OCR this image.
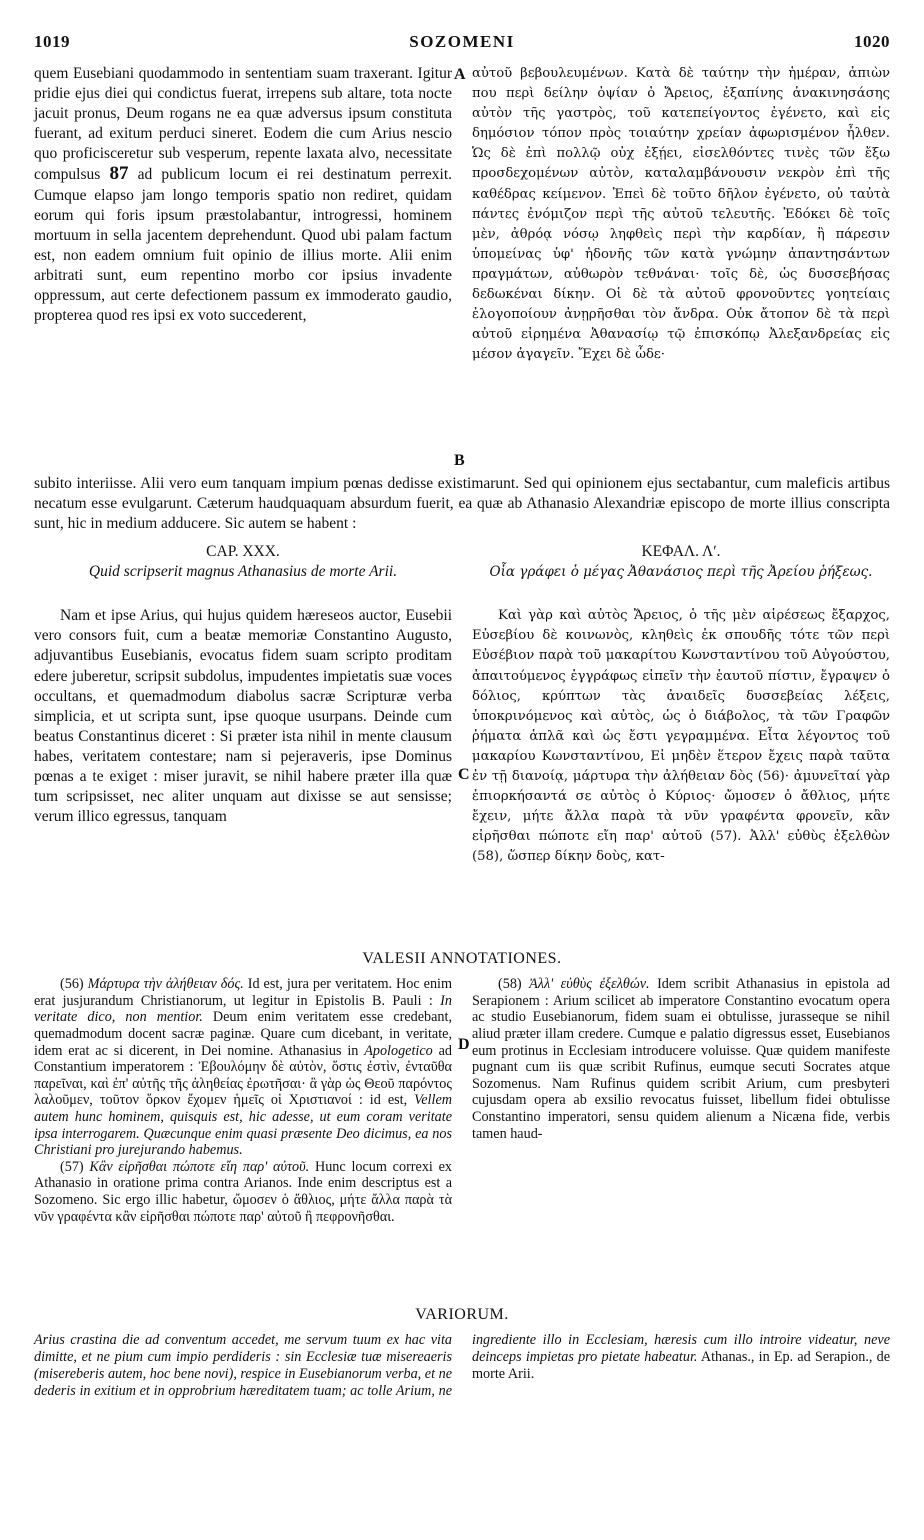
1019	SOZOMENI	1020
quem Eusebiani quodammodo in sententiam suam traxerant. Igitur pridie ejus diei qui condictus fuerat, irrepens sub altare, tota nocte jacuit pronus, Deum rogans ne ea quæ adversus ipsum constituta fuerant, ad exitum perduci sineret. Eodem die cum Arius nescio quo proficisceretur sub vesperum, repente laxata alvo, necessitate compulsus 87 ad publicum locum ei rei destinatum perrexit. Cumque elapso jam longo temporis spatio non rediret, quidam eorum qui foris ipsum præstolabantur, introgressi, hominem mortuum in sella jacentem deprehendunt. Quod ubi palam factum est, non eadem omnium fuit opinio de illius morte. Alii enim arbitrati sunt, eum repentino morbo cor ipsius invadente oppressum, aut certe defectionem passum ex immoderato gaudio, propterea quod res ipsi ex voto succederent,
A
B
αὐτοῦ βεβουλευμένων. Κατὰ δὲ ταύτην τὴν ἡμέραν, ἀπιὼν που περὶ δείλην ὀψίαν ὁ Ἄρειος, ἐξαπίνης ἀνακινησάσης αὐτὸν τῆς γαστρὸς, τοῦ κατεπείγοντος ἐγένετο, καὶ εἰς δημόσιον τόπον πρὸς τοιαύτην χρείαν ἀφωρισμένον ἦλθεν. Ὡς δὲ ἐπὶ πολλῷ οὐχ ἐξῄει, εἰσελθόντες τινὲς τῶν ἔξω προσδεχομένων αὐτὸν, καταλαμβάνουσιν νεκρὸν ἐπὶ τῆς καθέδρας κείμενον. Ἐπεὶ δὲ τοῦτο δῆλον ἐγένετο, οὐ ταὐτὰ πάντες ἐνόμιζον περὶ τῆς αὐτοῦ τελευτῆς. Ἐδόκει δὲ τοῖς μὲν, ἀθρόᾳ νόσῳ ληφθεὶς περὶ τὴν καρδίαν, ἢ πάρεσιν ὑπομείνας ὑφ' ἡδονῆς τῶν κατὰ γνώμην ἀπαντησάντων πραγμάτων, αὐθωρὸν τεθνάναι· τοῖς δὲ, ὡς δυσσεβήσας δεδωκέναι δίκην. Οἱ δὲ τὰ αὐτοῦ φρονοῦντες γοητείαις ἐλογοποίουν ἀνῃρῆσθαι τὸν ἄνδρα. Οὐκ ἄτοπον δὲ τὰ περὶ αὐτοῦ εἰρημένα Ἀθανασίῳ τῷ ἐπισκόπῳ Ἀλεξανδρείας εἰς μέσον ἀγαγεῖν. Ἔχει δὲ ὧδε·
subito interiisse. Alii vero eum tanquam impium pœnas dedisse existimarunt. Sed qui opinionem ejus sectabantur, cum maleficis artibus necatum esse evulgarunt. Cæterum haudquaquam absurdum fuerit, ea quæ ab Athanasio Alexandriæ episcopo de morte illius conscripta sunt, hic in medium adducere. Sic autem se habent :
CAP. XXX.
Quid scripserit magnus Athanasius de morte Arii.
ΚΕΦΑΛ. Λʹ.
Οἷα γράφει ὁ μέγας Ἀθανάσιος περὶ τῆς Ἀρείου ῥήξεως.
Nam et ipse Arius, qui hujus quidem hæreseos auctor, Eusebii vero consors fuit, cum a beatæ memoriæ Constantino Augusto, adjuvantibus Eusebianis, evocatus fidem suam scripto proditam edere juberetur, scripsit subdolus, impudentes impietatis suæ voces occultans, et quemadmodum diabolus sacræ Scripturæ verba simplicia, et ut scripta sunt, ipse quoque usurpans. Deinde cum beatus Constantinus diceret : Si præter ista nihil in mente clausum habes, veritatem contestare; nam si pejeraveris, ipse Dominus pœnas a te exiget : miser juravit, se nihil habere præter illa quæ tum scripsisset, nec aliter unquam aut dixisse se aut sensisse; verum illico egressus, tanquam
C
Καὶ γὰρ καὶ αὐτὸς Ἄρειος, ὁ τῆς μὲν αἱρέσεως ἔξαρχος, Εὐσεβίου δὲ κοινωνὸς, κληθεὶς ἐκ σπουδῆς τότε τῶν περὶ Εὐσέβιον παρὰ τοῦ μακαρίτου Κωνσταντίνου τοῦ Αὐγούστου, ἀπαιτούμενος ἐγγράφως εἰπεῖν τὴν ἑαυτοῦ πίστιν, ἔγραψεν ὁ δόλιος, κρύπτων τὰς ἀναιδεῖς δυσσεβείας λέξεις, ὑποκρινόμενος καὶ αὐτὸς, ὡς ὁ διάβολος, τὰ τῶν Γραφῶν ῥήματα ἁπλᾶ καὶ ὡς ἔστι γεγραμμένα. Εἶτα λέγοντος τοῦ μακαρίου Κωνσταντίνου, Εἰ μηδὲν ἕτερον ἔχεις παρὰ ταῦτα ἐν τῇ διανοίᾳ, μάρτυρα τὴν ἀλήθειαν δὸς (56)· ἀμυνεῖταί γὰρ ἐπιορκήσαντά σε αὐτὸς ὁ Κύριος· ὤμοσεν ὁ ἄθλιος, μήτε ἔχειν, μήτε ἄλλα παρὰ τὰ νῦν γραφέντα φρονεῖν, κἂν εἰρῆσθαι πώποτε εἴη παρ' αὐτοῦ (57). Ἀλλ' εὐθὺς ἐξελθὼν (58), ὥσπερ δίκην δοὺς, κατ-
VALESII ANNOTATIONES.
(56) Μάρτυρα τὴν ἀλήθειαν δός. Id est, jura per veritatem. Hoc enim erat jusjurandum Christianorum, ut legitur in Epistolis B. Pauli : In veritate dico, non mentior. Deum enim veritatem esse credebant, quemadmodum docent sacræ paginæ. Quare cum dicebant, in veritate, idem erat ac si dicerent, in Dei nomine. Athanasius in Apologetico ad Constantium imperatorem : Ἐβουλόμην δὲ αὐτὸν, ὅστις ἐστὶν, ἐνταῦθα παρεῖναι, καὶ ἐπ' αὐτῆς τῆς ἀληθείας ἐρωτῆσαι· ἃ γὰρ ὡς Θεοῦ παρόντος λαλοῦμεν, τοῦτον ὅρκον ἔχομεν ἡμεῖς οἱ Χριστιανοί : id est, Vellem autem hunc hominem, quisquis est, hic adesse, ut eum coram veritate ipsa interrogarem. Quæcunque enim quasi præsente Deo dicimus, ea nos Christiani pro jurejurando habemus.
(57) Κἂν εἰρῆσθαι πώποτε εἴη παρ' αὐτοῦ. Hunc locum correxi ex Athanasio in oratione prima contra Arianos. Inde enim descriptus est a Sozomeno. Sic ergo illic habetur, ὤμοσεν ὁ ἄθλιος, μήτε ἄλλα παρὰ τὰ νῦν γραφέντα κἂν εἰρῆσθαι πώποτε παρ' αὐτοῦ ἢ πεφρονῆσθαι.
D
(58) Ἀλλ' εὐθὺς ἐξελθών. Idem scribit Athanasius in epistola ad Serapionem : Arium scilicet ab imperatore Constantino evocatum opera ac studio Eusebianorum, fidem suam ei obtulisse, jurasseque se nihil aliud præter illam credere. Cumque e palatio digressus esset, Eusebianos eum protinus in Ecclesiam introducere voluisse. Quæ quidem manifeste pugnant cum iis quæ scribit Rufinus, eumque secuti Socrates atque Sozomenus. Nam Rufinus quidem scribit Arium, cum presbyteri cujusdam opera ab exsilio revocatus fuisset, libellum fidei obtulisse Constantino imperatori, sensu quidem alienum a Nicæna fide, verbis tamen haud-
VARIORUM.
Arius crastina die ad conventum accedet, me servum tuum ex hac vita dimitte, et ne pium cum impio perdideris : sin Ecclesiæ tuæ misereaeris (misereberis autem, hoc bene novi), respice in Eusebianorum verba, et ne dederis in exitium et in opprobrium hæreditatem tuam; ac tolle Arium, ne ingrediente illo in Ecclesiam, hæresis cum illo introire videatur, neve deinceps impietas pro pietate habeatur. Athanas., in Ep. ad Serapion., de morte Arii.
